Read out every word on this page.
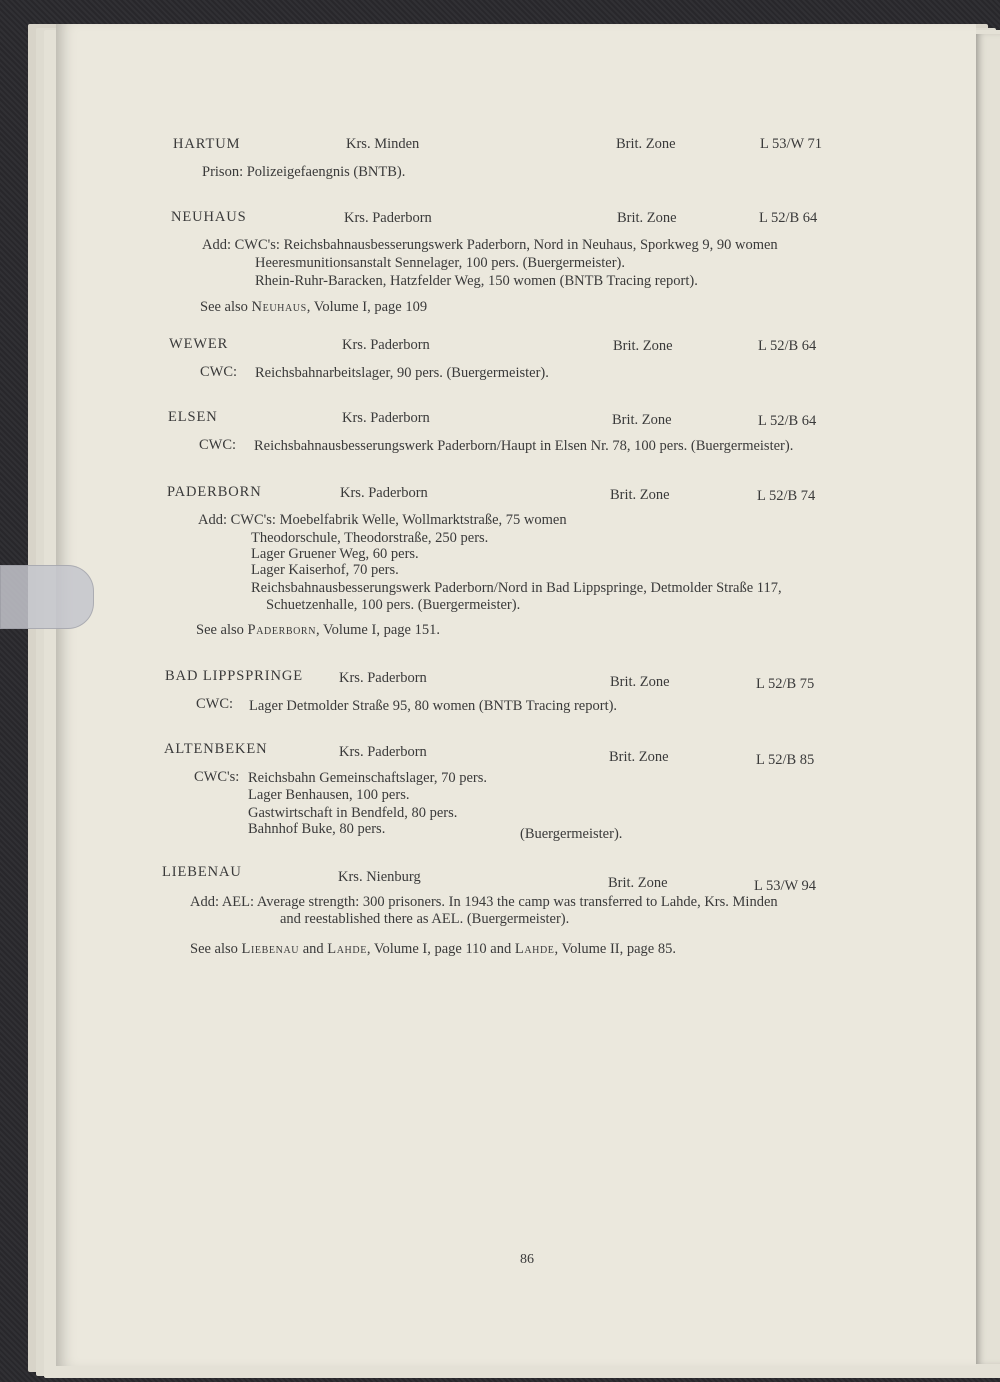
HARTUM	Krs. Minden	Brit. Zone	L 53/W 71
Prison: Polizeigefaengnis (BNTB).
NEUHAUS	Krs. Paderborn	Brit. Zone	L 52/B 64
Add: CWC's: Reichsbahnausbesserungswerk Paderborn, Nord in Neuhaus, Sporkweg 9, 90 women
Heeresmunitionsanstalt Sennelager, 100 pers. (Buergermeister).
Rhein-Ruhr-Baracken, Hatzfelder Weg, 150 women (BNTB Tracing report).
See also Neuhaus, Volume I, page 109
WEWER	Krs. Paderborn	Brit. Zone	L 52/B 64
CWC: Reichsbahnarbeitslager, 90 pers. (Buergermeister).
ELSEN	Krs. Paderborn	Brit. Zone	L 52/B 64
CWC: Reichsbahnausbesserungswerk Paderborn/Haupt in Elsen Nr. 78, 100 pers. (Buergermeister).
PADERBORN	Krs. Paderborn	Brit. Zone	L 52/B 74
Add: CWC's: Moebelfabrik Welle, Wollmarktstraße, 75 women
Theodorschule, Theodorstraße, 250 pers.
Lager Gruener Weg, 60 pers.
Lager Kaiserhof, 70 pers.
Reichsbahnausbesserungswerk Paderborn/Nord in Bad Lippspringe, Detmolder Straße 117,
Schuetzenhalle, 100 pers. (Buergermeister).
See also Paderborn, Volume I, page 151.
BAD LIPPSPRINGE Krs. Paderborn	Brit. Zone	L 52/B 75
CWC: Lager Detmolder Straße 95, 80 women (BNTB Tracing report).
ALTENBEKEN	Krs. Paderborn	Brit. Zone	L 52/B 85
CWC's: Reichsbahn Gemeinschaftslager, 70 pers.
Lager Benhausen, 100 pers.
Gastwirtschaft in Bendfeld, 80 pers.
Bahnhof Buke, 80 pers.	(Buergermeister).
LIEBENAU	Krs. Nienburg	Brit. Zone	L 53/W 94
Add: AEL: Average strength: 300 prisoners. In 1943 the camp was transferred to Lahde, Krs. Minden
and reestablished there as AEL. (Buergermeister).
See also Liebenau and Lahde, Volume I, page 110 and Lahde, Volume II, page 85.
86
